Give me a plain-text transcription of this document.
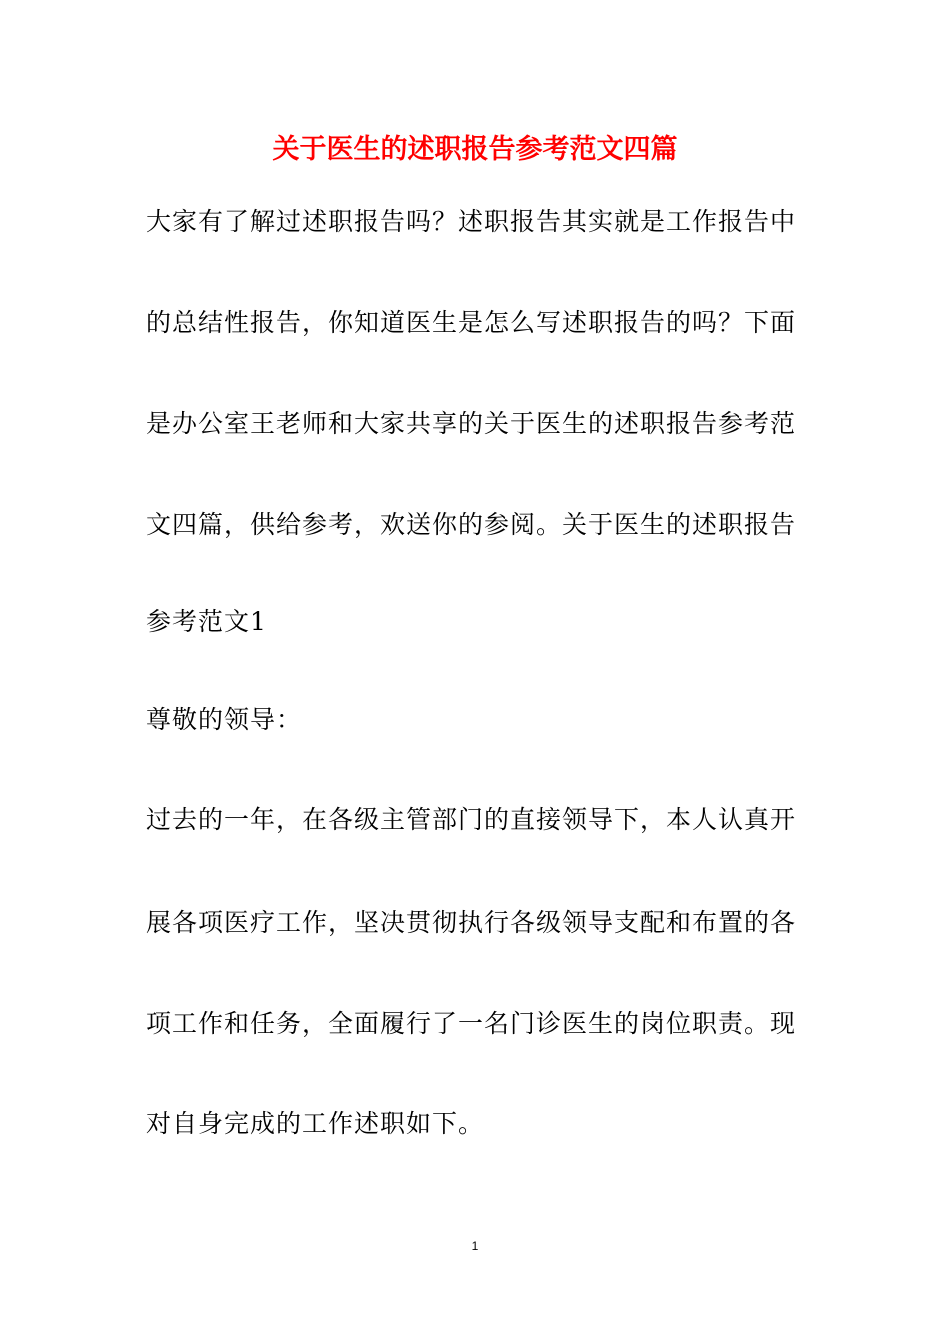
关于医生的述职报告参考范文四篇
大家有了解过述职报告吗？述职报告其实就是工作报告中
的总结性报告，你知道医生是怎么写述职报告的吗？下面
是办公室王老师和大家共享的关于医生的述职报告参考范
文四篇，供给参考，欢送你的参阅。关于医生的述职报告
参考范文1
尊敬的领导：
过去的一年，在各级主管部门的直接领导下，本人认真开
展各项医疗工作，坚决贯彻执行各级领导支配和布置的各
项工作和任务，全面履行了一名门诊医生的岗位职责。现
对自身完成的工作述职如下。
1
